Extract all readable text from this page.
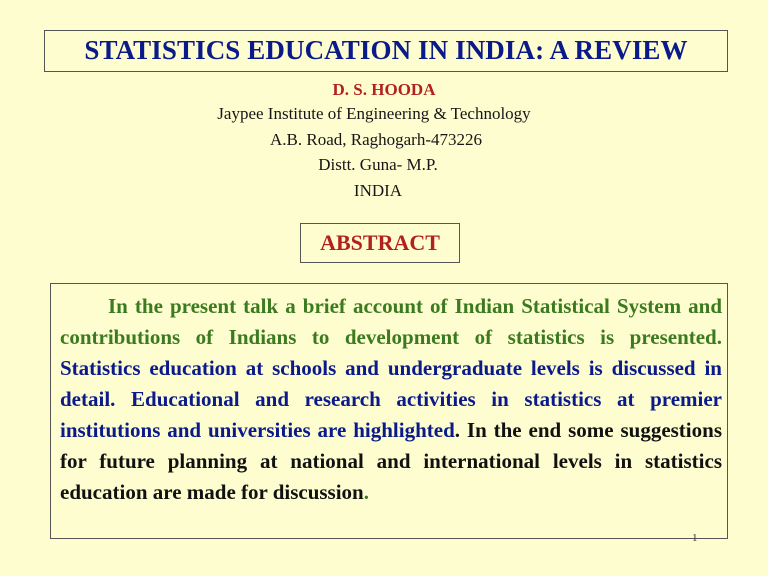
STATISTICS EDUCATION IN INDIA: A REVIEW
D. S. HOODA
Jaypee Institute of Engineering & Technology
A.B. Road, Raghogarh-473226
Distt. Guna- M.P.
INDIA
ABSTRACT
In the present talk a brief account of Indian Statistical System and contributions of Indians to development of statistics is presented. Statistics education at schools and undergraduate levels is discussed in detail. Educational and research activities in statistics at premier institutions and universities are highlighted. In the end some suggestions for future planning at national and international levels in statistics education are made for discussion.
1
